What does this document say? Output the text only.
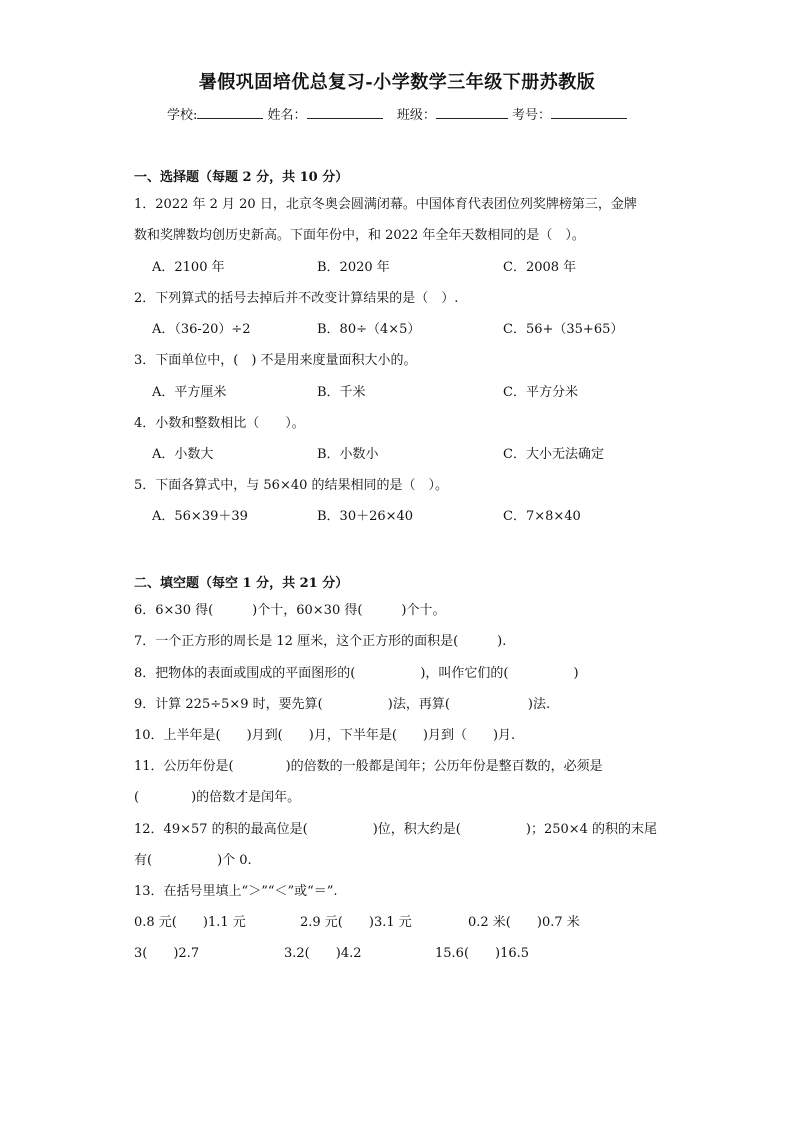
暑假巩固培优总复习-小学数学三年级下册苏教版
学校:	姓名：	班级：	考号：
一、选择题（每题 2 分，共 10 分）
1．2022 年 2 月 20 日，北京冬奥会圆满闭幕。中国体育代表团位列奖牌榜第三，金牌
数和奖牌数均创历史新高。下面年份中，和 2022 年全年天数相同的是（　）。
A．2100 年	B．2020 年	C．2008 年
2．下列算式的括号去掉后并不改变计算结果的是（　）.
A．（36-20）÷2	B．80÷（4×5）	C．56+（35+65）
3．下面单位中，(　) 不是用来度量面积大小的。
A．平方厘米	B．千米	C．平方分米
4．小数和整数相比（　　）。
A．小数大	B．小数小	C．大小无法确定
5．下面各算式中，与 56×40 的结果相同的是（　）。
A．56×39＋39	B．30＋26×40	C．7×8×40
二、填空题（每空 1 分，共 21 分）
6．6×30 得(　　　)个十，60×30 得(　　　)个十。
7．一个正方形的周长是 12 厘米，这个正方形的面积是(　　　).
8．把物体的表面或围成的平面图形的(　　　　　)，叫作它们的(　　　　　)
9．计算 225÷5×9 时，要先算(　　　　　)法，再算(　　　　　　)法.
10．上半年是(　　)月到(　　)月，下半年是(　　)月到（　　)月.
11．公历年份是(　　　　)的倍数的一般都是闰年；公历年份是整百数的，必须是
(　　　　)的倍数才是闰年。
12．49×57 的积的最高位是(　　　　　)位，积大约是(　　　　　)；250×4 的积的末尾
有(　　　　　)个 0.
13．在括号里填上“＞”“＜”或“＝”.
0.8 元(　　)1.1 元	2.9 元(　　)3.1 元	0.2 米(　　)0.7 米
3(　　)2.7	3.2(　　)4.2	15.6(　　)16.5
